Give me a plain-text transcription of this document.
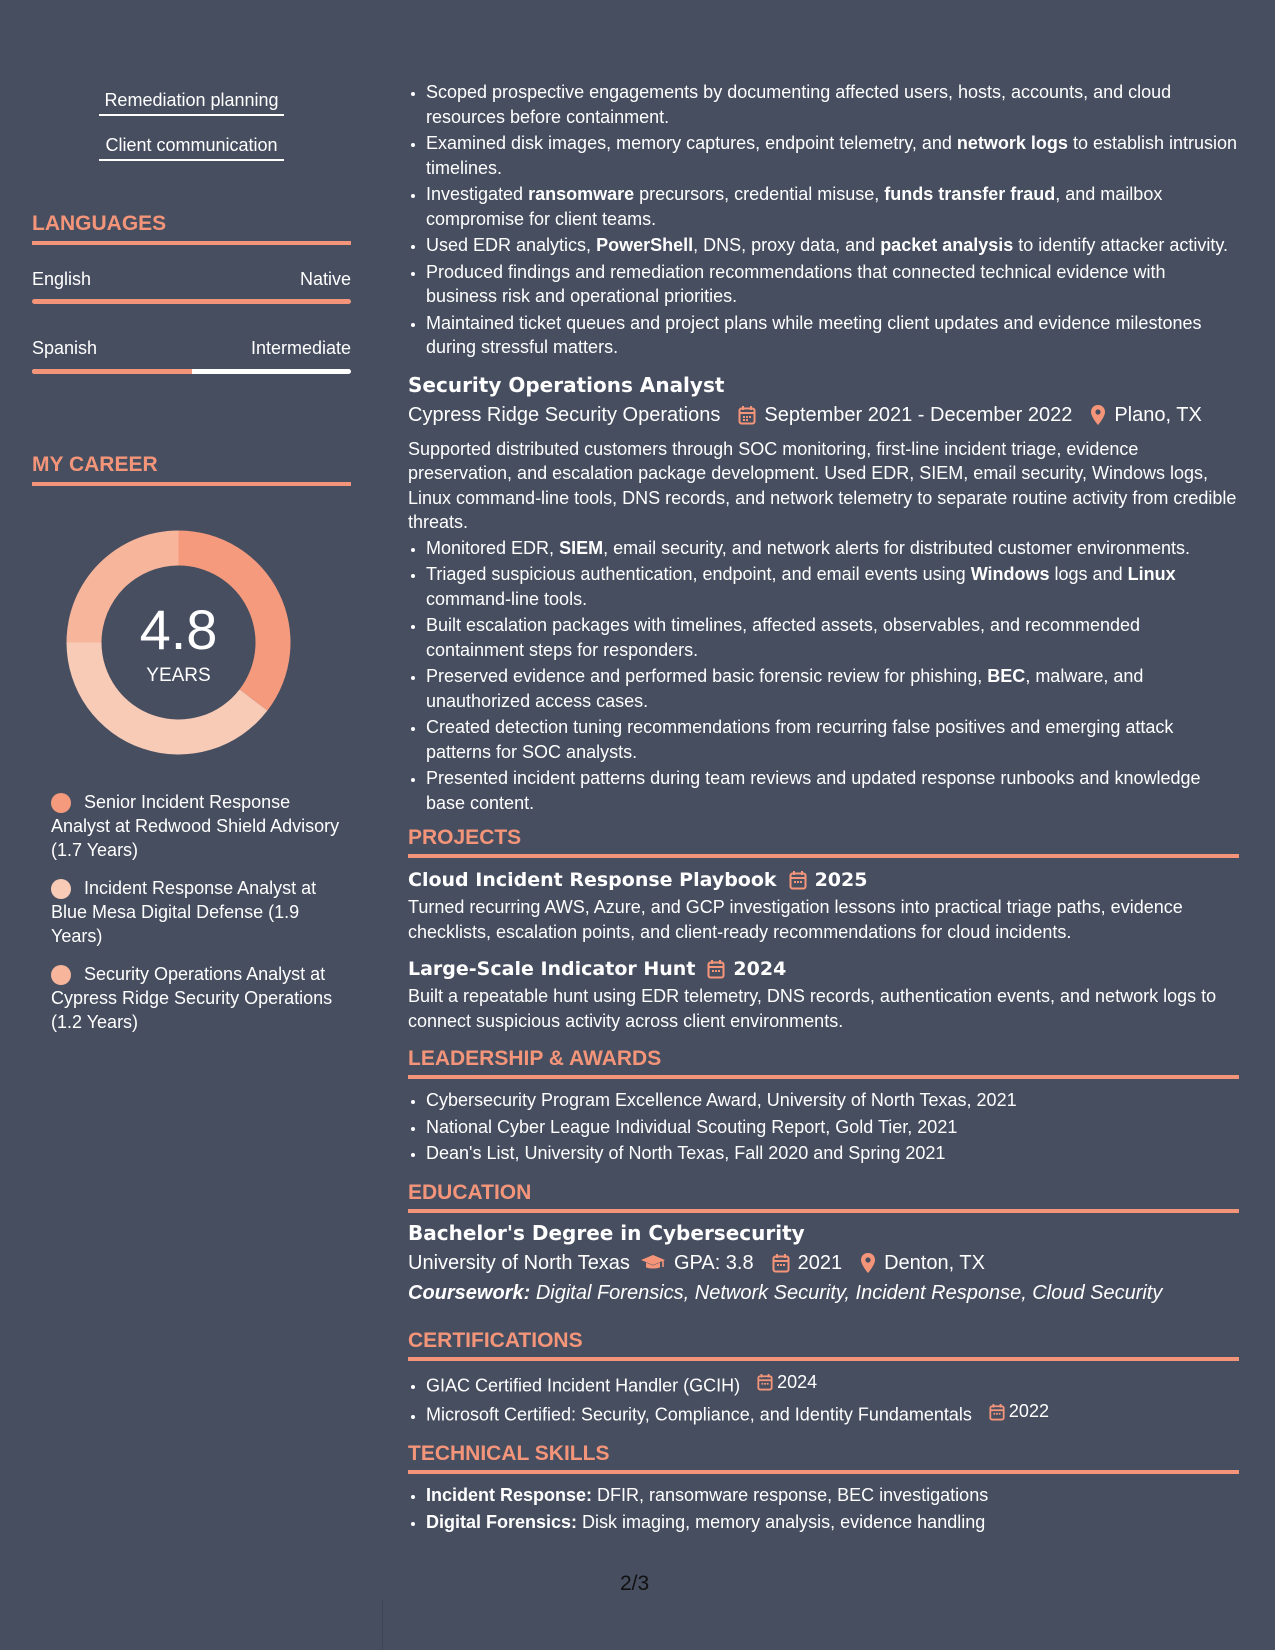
Remediation planning
Client communication
LANGUAGES
English	Native
Spanish	Intermediate
MY CAREER
4.8
YEARS
Senior Incident Response Analyst at Redwood Shield Advisory (1.7 Years)
Incident Response Analyst at Blue Mesa Digital Defense (1.9 Years)
Security Operations Analyst at Cypress Ridge Security Operations (1.2 Years)
• Scoped prospective engagements by documenting affected users, hosts, accounts, and cloud resources before containment.
• Examined disk images, memory captures, endpoint telemetry, and network logs to establish intrusion timelines.
• Investigated ransomware precursors, credential misuse, funds transfer fraud, and mailbox compromise for client teams.
• Used EDR analytics, PowerShell, DNS, proxy data, and packet analysis to identify attacker activity.
• Produced findings and remediation recommendations that connected technical evidence with business risk and operational priorities.
• Maintained ticket queues and project plans while meeting client updates and evidence milestones during stressful matters.
Security Operations Analyst
Cypress Ridge Security Operations September 2021 - December 2022 Plano, TX
Supported distributed customers through SOC monitoring, first-line incident triage, evidence preservation, and escalation package development. Used EDR, SIEM, email security, Windows logs, Linux command-line tools, DNS records, and network telemetry to separate routine activity from credible threats.
• Monitored EDR, SIEM, email security, and network alerts for distributed customer environments.
• Triaged suspicious authentication, endpoint, and email events using Windows logs and Linux command-line tools.
• Built escalation packages with timelines, affected assets, observables, and recommended containment steps for responders.
• Preserved evidence and performed basic forensic review for phishing, BEC, malware, and unauthorized access cases.
• Created detection tuning recommendations from recurring false positives and emerging attack patterns for SOC analysts.
• Presented incident patterns during team reviews and updated response runbooks and knowledge base content.
PROJECTS
Cloud Incident Response Playbook 2025
Turned recurring AWS, Azure, and GCP investigation lessons into practical triage paths, evidence checklists, escalation points, and client-ready recommendations for cloud incidents.
Large-Scale Indicator Hunt 2024
Built a repeatable hunt using EDR telemetry, DNS records, authentication events, and network logs to connect suspicious activity across client environments.
LEADERSHIP & AWARDS
• Cybersecurity Program Excellence Award, University of North Texas, 2021
• National Cyber League Individual Scouting Report, Gold Tier, 2021
• Dean's List, University of North Texas, Fall 2020 and Spring 2021
EDUCATION
Bachelor's Degree in Cybersecurity
University of North Texas GPA: 3.8 2021 Denton, TX
Coursework: Digital Forensics, Network Security, Incident Response, Cloud Security
CERTIFICATIONS
• GIAC Certified Incident Handler (GCIH) 2024
• Microsoft Certified: Security, Compliance, and Identity Fundamentals 2022
TECHNICAL SKILLS
• Incident Response: DFIR, ransomware response, BEC investigations
• Digital Forensics: Disk imaging, memory analysis, evidence handling
2/3
